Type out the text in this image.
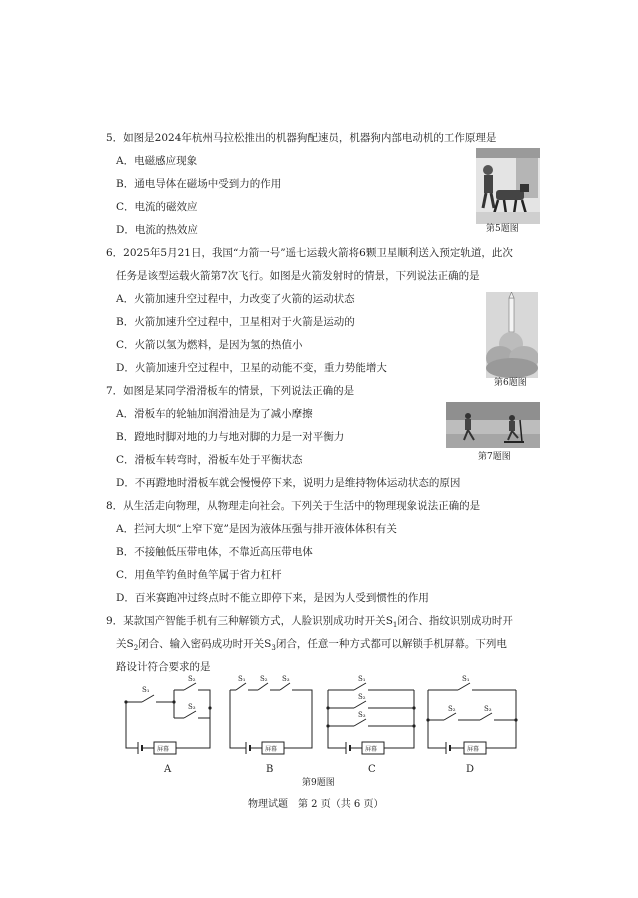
5．如图是2024年杭州马拉松推出的机器狗配速员，机器狗内部电动机的工作原理是
A．电磁感应现象
B．通电导体在磁场中受到力的作用
C．电流的磁效应
D．电流的热效应	第5题图
6．2025年5月21日，我国“力箭一号”遥七运载火箭将6颗卫星顺利送入预定轨道，此次
任务是该型运载火箭第7次飞行。如图是火箭发射时的情景，下列说法正确的是
A．火箭加速升空过程中，力改变了火箭的运动状态
B．火箭加速升空过程中，卫星相对于火箭是运动的
C．火箭以氢为燃料，是因为氢的热值小
D．火箭加速升空过程中，卫星的动能不变，重力势能增大
第6题图
7．如图是某同学滑滑板车的情景，下列说法正确的是
A．滑板车的轮轴加润滑油是为了减小摩擦
B．蹬地时脚对地的力与地对脚的力是一对平衡力
C．滑板车转弯时，滑板车处于平衡状态
D．不再蹬地时滑板车就会慢慢停下来，说明力是维持物体运动状态的原因
第7题图
8．从生活走向物理，从物理走向社会。下列关于生活中的物理现象说法正确的是
A．拦河大坝“上窄下宽”是因为液体压强与排开液体体积有关
B．不接触低压带电体，不靠近高压带电体
C．用鱼竿钓鱼时鱼竿属于省力杠杆
D．百米赛跑冲过终点时不能立即停下来，是因为人受到惯性的作用
9．某款国产智能手机有三种解锁方式，人脸识别成功时开关$S_1$闭合、指纹识别成功时开
关$S_2$闭合、输入密码成功时开关$S_3$闭合，任意一种方式都可以解锁手机屏幕。下列电
路设计符合要求的是
S₁
S₂
S₃
S₁ S₂ S₃	S₁
S₂
S₃
S₁
S₂	S₃
屏幕	屏幕	屏幕	屏幕
A	B	C	D
第9题图
物理试题　第 2 页（共 6 页）
